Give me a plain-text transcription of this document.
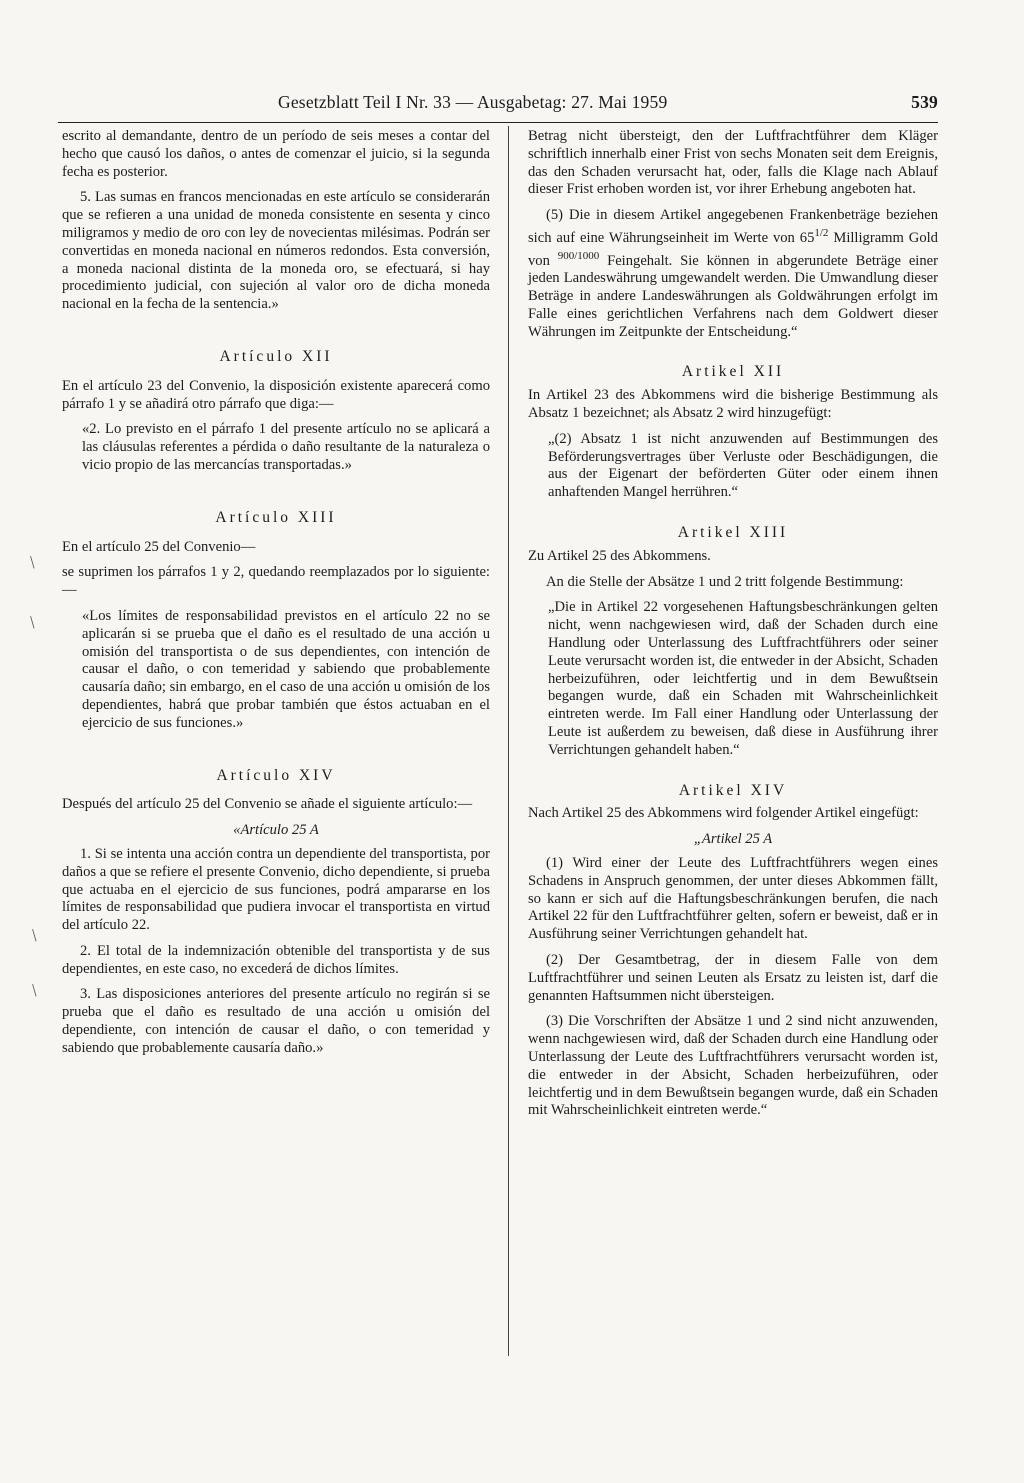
Gesetzblatt Teil I Nr. 33 — Ausgabetag: 27. Mai 1959	539
/
/
/
/

escrito al demandante, dentro de un período de seis meses a contar del hecho que causó los daños, o antes de comenzar el juicio, si la segunda fecha es posterior.

5. Las sumas en francos mencionadas en este artículo se considerarán que se refieren a una unidad de moneda consistente en sesenta y cinco miligramos y medio de oro con ley de novecientas milésimas. Podrán ser convertidas en moneda nacional en números redondos. Esta conversión, a moneda nacional distinta de la moneda oro, se efectuará, si hay procedimiento judicial, con sujeción al valor oro de dicha moneda nacional en la fecha de la sentencia.»

Artículo XII

En el artículo 23 del Convenio, la disposición existente aparecerá como párrafo 1 y se añadirá otro párrafo que diga:—

«2. Lo previsto en el párrafo 1 del presente artículo no se aplicará a las cláusulas referentes a pérdida o daño resultante de la naturaleza o vicio propio de las mercancías transportadas.»

Artículo XIII

En el artículo 25 del Convenio—

se suprimen los párrafos 1 y 2, quedando reemplazados por lo siguiente:—

«Los límites de responsabilidad previstos en el artículo 22 no se aplicarán si se prueba que el daño es el resultado de una acción u omisión del transportista o de sus dependientes, con intención de causar el daño, o con temeridad y sabiendo que probablemente causaría daño; sin embargo, en el caso de una acción u omisión de los dependientes, habrá que probar también que éstos actuaban en el ejercicio de sus funciones.»

Artículo XIV

Después del artículo 25 del Convenio se añade el siguiente artículo:—

«Artículo 25 A

1. Si se intenta una acción contra un dependiente del transportista, por daños a que se refiere el presente Convenio, dicho dependiente, si prueba que actuaba en el ejercicio de sus funciones, podrá ampararse en los límites de responsabilidad que pudiera invocar el transportista en virtud del artículo 22.

2. El total de la indemnización obtenible del transportista y de sus dependientes, en este caso, no excederá de dichos límites.

3. Las disposiciones anteriores del presente artículo no regirán si se prueba que el daño es resultado de una acción u omisión del dependiente, con intención de causar el daño, o con temeridad y sabiendo que probablemente causaría daño.»

Betrag nicht übersteigt, den der Luftfrachtführer dem Kläger schriftlich innerhalb einer Frist von sechs Monaten seit dem Ereignis, das den Schaden verursacht hat, oder, falls die Klage nach Ablauf dieser Frist erhoben worden ist, vor ihrer Erhebung angeboten hat.

(5) Die in diesem Artikel angegebenen Frankenbeträge beziehen sich auf eine Währungseinheit im Werte von $65^{1/2}$ Milligramm Gold von $^{900/1000}$ Feingehalt. Sie können in abgerundete Beträge einer jeden Landeswährung umgewandelt werden. Die Umwandlung dieser Beträge in andere Landeswährungen als Goldwährungen erfolgt im Falle eines gerichtlichen Verfahrens nach dem Goldwert dieser Währungen im Zeitpunkte der Entscheidung.“

Artikel XII

In Artikel 23 des Abkommens wird die bisherige Bestimmung als Absatz 1 bezeichnet; als Absatz 2 wird hinzugefügt:

„(2) Absatz 1 ist nicht anzuwenden auf Bestimmungen des Beförderungsvertrages über Verluste oder Beschädigungen, die aus der Eigenart der beförderten Güter oder einem ihnen anhaftenden Mangel herrühren.“

Artikel XIII

Zu Artikel 25 des Abkommens.

An die Stelle der Absätze 1 und 2 tritt folgende Bestimmung:

„Die in Artikel 22 vorgesehenen Haftungsbeschränkungen gelten nicht, wenn nachgewiesen wird, daß der Schaden durch eine Handlung oder Unterlassung des Luftfrachtführers oder seiner Leute verursacht worden ist, die entweder in der Absicht, Schaden herbeizuführen, oder leichtfertig und in dem Bewußtsein begangen wurde, daß ein Schaden mit Wahrscheinlichkeit eintreten werde. Im Fall einer Handlung oder Unterlassung der Leute ist außerdem zu beweisen, daß diese in Ausführung ihrer Verrichtungen gehandelt haben.“

Artikel XIV

Nach Artikel 25 des Abkommens wird folgender Artikel eingefügt:

„Artikel 25 A

(1) Wird einer der Leute des Luftfrachtführers wegen eines Schadens in Anspruch genommen, der unter dieses Abkommen fällt, so kann er sich auf die Haftungsbeschränkungen berufen, die nach Artikel 22 für den Luftfrachtführer gelten, sofern er beweist, daß er in Ausführung seiner Verrichtungen gehandelt hat.

(2) Der Gesamtbetrag, der in diesem Falle von dem Luftfrachtführer und seinen Leuten als Ersatz zu leisten ist, darf die genannten Haftsummen nicht übersteigen.

(3) Die Vorschriften der Absätze 1 und 2 sind nicht anzuwenden, wenn nachgewiesen wird, daß der Schaden durch eine Handlung oder Unterlassung der Leute des Luftfrachtführers verursacht worden ist, die entweder in der Absicht, Schaden herbeizuführen, oder leichtfertig und in dem Bewußtsein begangen wurde, daß ein Schaden mit Wahrscheinlichkeit eintreten werde.“
